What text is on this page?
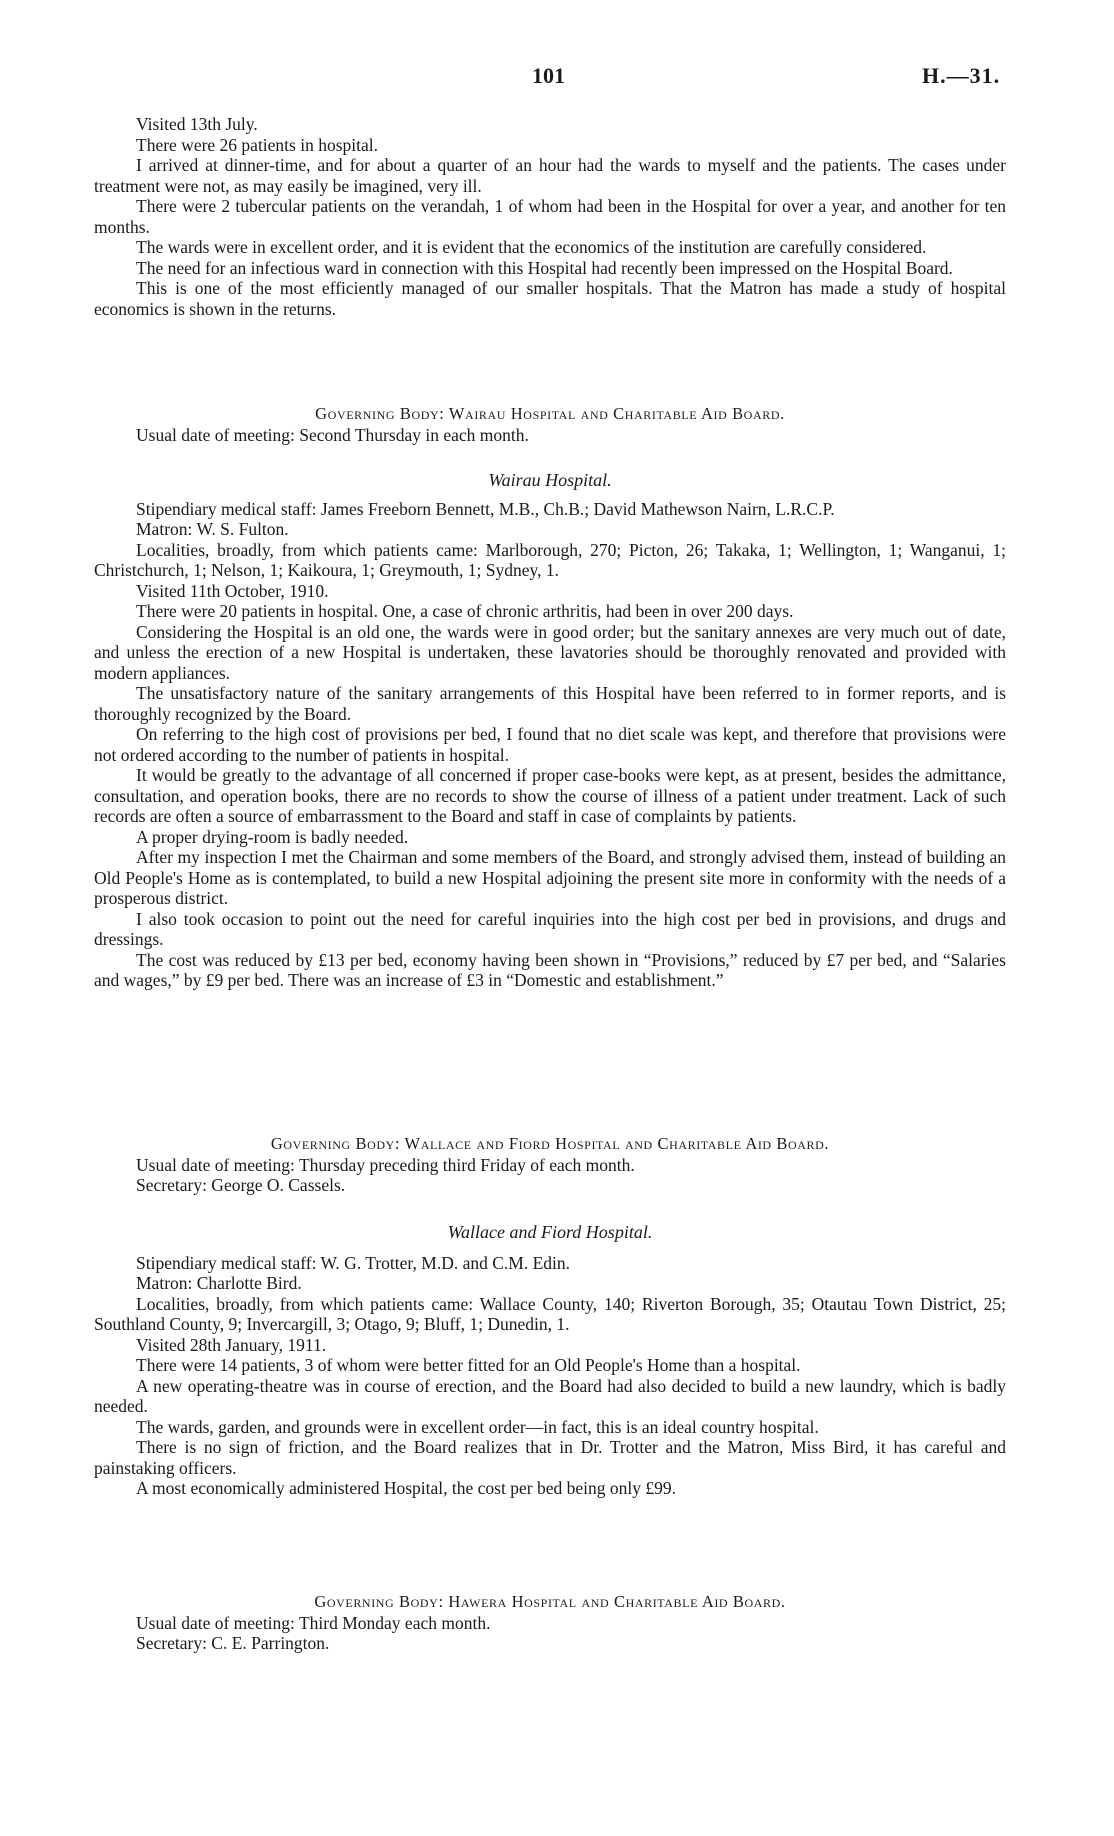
101	H.—31.

Visited 13th July.

There were 26 patients in hospital.

I arrived at dinner-time, and for about a quarter of an hour had the wards to myself and the patients. The cases under treatment were not, as may easily be imagined, very ill.

There were 2 tubercular patients on the verandah, 1 of whom had been in the Hospital for over a year, and another for ten months.

The wards were in excellent order, and it is evident that the economics of the institution are carefully considered.

The need for an infectious ward in connection with this Hospital had recently been impressed on the Hospital Board.

This is one of the most efficiently managed of our smaller hospitals. That the Matron has made a study of hospital economics is shown in the returns.

Governing Body: Wairau Hospital and Charitable Aid Board.

Usual date of meeting: Second Thursday in each month.

Wairau Hospital.

Stipendiary medical staff: James Freeborn Bennett, M.B., Ch.B.; David Mathewson Nairn, L.R.C.P.

Matron: W. S. Fulton.

Localities, broadly, from which patients came: Marlborough, 270; Picton, 26; Takaka, 1; Wellington, 1; Wanganui, 1; Christchurch, 1; Nelson, 1; Kaikoura, 1; Greymouth, 1; Sydney, 1.

Visited 11th October, 1910.

There were 20 patients in hospital. One, a case of chronic arthritis, had been in over 200 days.

Considering the Hospital is an old one, the wards were in good order; but the sanitary annexes are very much out of date, and unless the erection of a new Hospital is undertaken, these lavatories should be thoroughly renovated and provided with modern appliances.

The unsatisfactory nature of the sanitary arrangements of this Hospital have been referred to in former reports, and is thoroughly recognized by the Board.

On referring to the high cost of provisions per bed, I found that no diet scale was kept, and therefore that provisions were not ordered according to the number of patients in hospital.

It would be greatly to the advantage of all concerned if proper case-books were kept, as at present, besides the admittance, consultation, and operation books, there are no records to show the course of illness of a patient under treatment. Lack of such records are often a source of embarrassment to the Board and staff in case of complaints by patients.

A proper drying-room is badly needed.

After my inspection I met the Chairman and some members of the Board, and strongly advised them, instead of building an Old People's Home as is contemplated, to build a new Hospital adjoining the present site more in conformity with the needs of a prosperous district.

I also took occasion to point out the need for careful inquiries into the high cost per bed in provisions, and drugs and dressings.

The cost was reduced by £13 per bed, economy having been shown in “Provisions,” reduced by £7 per bed, and “Salaries and wages,” by £9 per bed. There was an increase of £3 in “Domestic and establishment.”

Governing Body: Wallace and Fiord Hospital and Charitable Aid Board.

Usual date of meeting: Thursday preceding third Friday of each month.

Secretary: George O. Cassels.

Wallace and Fiord Hospital.

Stipendiary medical staff: W. G. Trotter, M.D. and C.M. Edin.

Matron: Charlotte Bird.

Localities, broadly, from which patients came: Wallace County, 140; Riverton Borough, 35; Otautau Town District, 25; Southland County, 9; Invercargill, 3; Otago, 9; Bluff, 1; Dunedin, 1.

Visited 28th January, 1911.

There were 14 patients, 3 of whom were better fitted for an Old People's Home than a hospital.

A new operating-theatre was in course of erection, and the Board had also decided to build a new laundry, which is badly needed.

The wards, garden, and grounds were in excellent order—in fact, this is an ideal country hospital.

There is no sign of friction, and the Board realizes that in Dr. Trotter and the Matron, Miss Bird, it has careful and painstaking officers.

A most economically administered Hospital, the cost per bed being only £99.

Governing Body: Hawera Hospital and Charitable Aid Board.

Usual date of meeting: Third Monday each month.

Secretary: C. E. Parrington.
